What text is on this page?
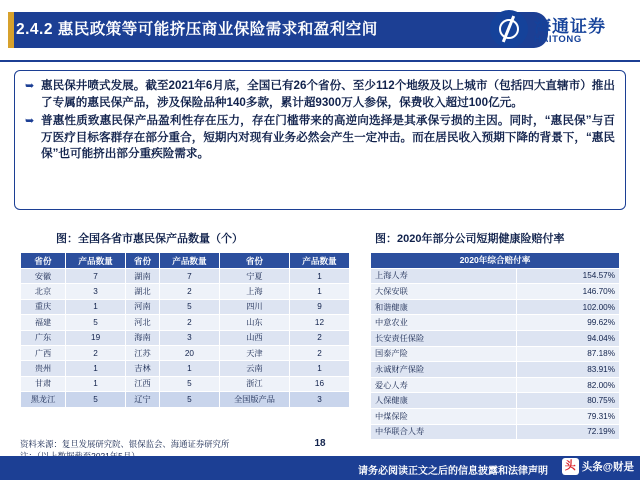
2.4.2 惠民政策等可能挤压商业保险需求和盈利空间	海通证券
HAITONG
➥ 惠民保井喷式发展。截至2021年6月底，全国已有26个省份、至少112个地级及以上城市（包括四大直辖市）推出了专属的惠民保产品，涉及保险品种140多款，累计超9300万人参保，保费收入超过100亿元。
➥ 普惠性质致惠民保产品盈利性存在压力，存在门槛带来的高逆向选择是其承保亏损的主因。同时，“惠民保”与百万医疗目标客群存在部分重合，短期内对现有业务必然会产生一定冲击。而在居民收入预期下降的背景下，“惠民保”也可能挤出部分重疾险需求。
图：全国各省市惠民保产品数量（个）	图：2020年部分公司短期健康险赔付率
省份	产品数量	省份	产品数量	省份	产品数量
安徽	7	湖南	7	宁夏	1
北京	3	湖北	2	上海	1
重庆	1	河南	5	四川	9
福建	5	河北	2	山东	12
广东	19	海南	3	山西	2
广西	2	江苏	20	天津	2
贵州	1	吉林	1	云南	1
甘肃	1	江西	5	浙江	16
黑龙江	5	辽宁	5	全国版产品	3
2020年综合赔付率	
上海人寿	154.57%
大保安联	146.70%
和谐健康	102.00%
中意农业	99.62%
长安责任保险	94.04%
国泰产险	87.18%
永诚财产保险	83.91%
爱心人寿	82.00%
人保健康	80.75%
中煤保险	79.31%
中华联合人寿	72.19%
资料来源：复旦发展研究院、银保监会、海通证券研究所	18
请务必阅读正文之后的信息披露和法律声明 头 头条@财是
